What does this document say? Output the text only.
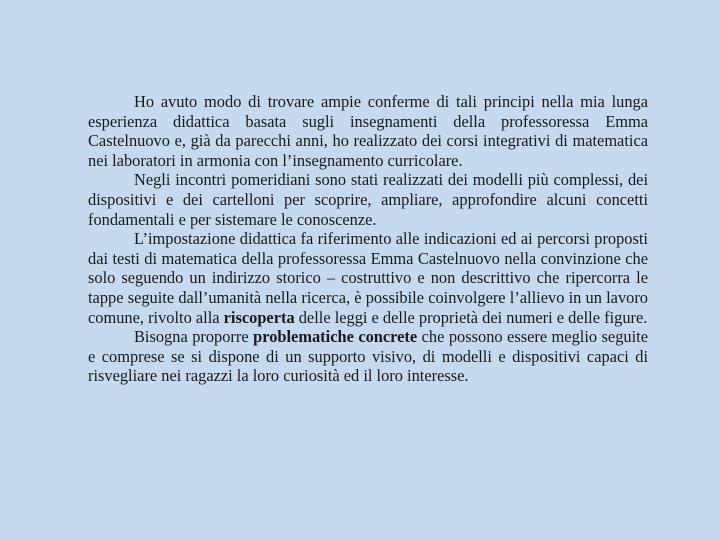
Ho avuto modo di trovare ampie conferme di tali principi nella mia lunga esperienza didattica basata sugli insegnamenti della professoressa Emma Castelnuovo e, già da parecchi anni, ho realizzato dei corsi integrativi di matematica nei laboratori in armonia con l’insegnamento curricolare.

Negli incontri pomeridiani sono stati realizzati dei modelli più complessi, dei dispositivi e dei cartelloni per scoprire, ampliare, approfondire alcuni concetti fondamentali e per sistemare le conoscenze.

L’impostazione didattica fa riferimento alle indicazioni ed ai percorsi proposti dai testi di matematica della professoressa Emma Castelnuovo nella convinzione che solo seguendo un indirizzo storico – costruttivo e non descrittivo che ripercorra le tappe seguite dall’umanità nella ricerca, è possibile coinvolgere l’allievo in un lavoro comune, rivolto alla riscoperta delle leggi e delle proprietà dei numeri e delle figure.

Bisogna proporre problematiche concrete che possono essere meglio seguite e comprese se si dispone di un supporto visivo, di modelli e dispositivi capaci di risvegliare nei ragazzi la loro curiosità ed il loro interesse.
